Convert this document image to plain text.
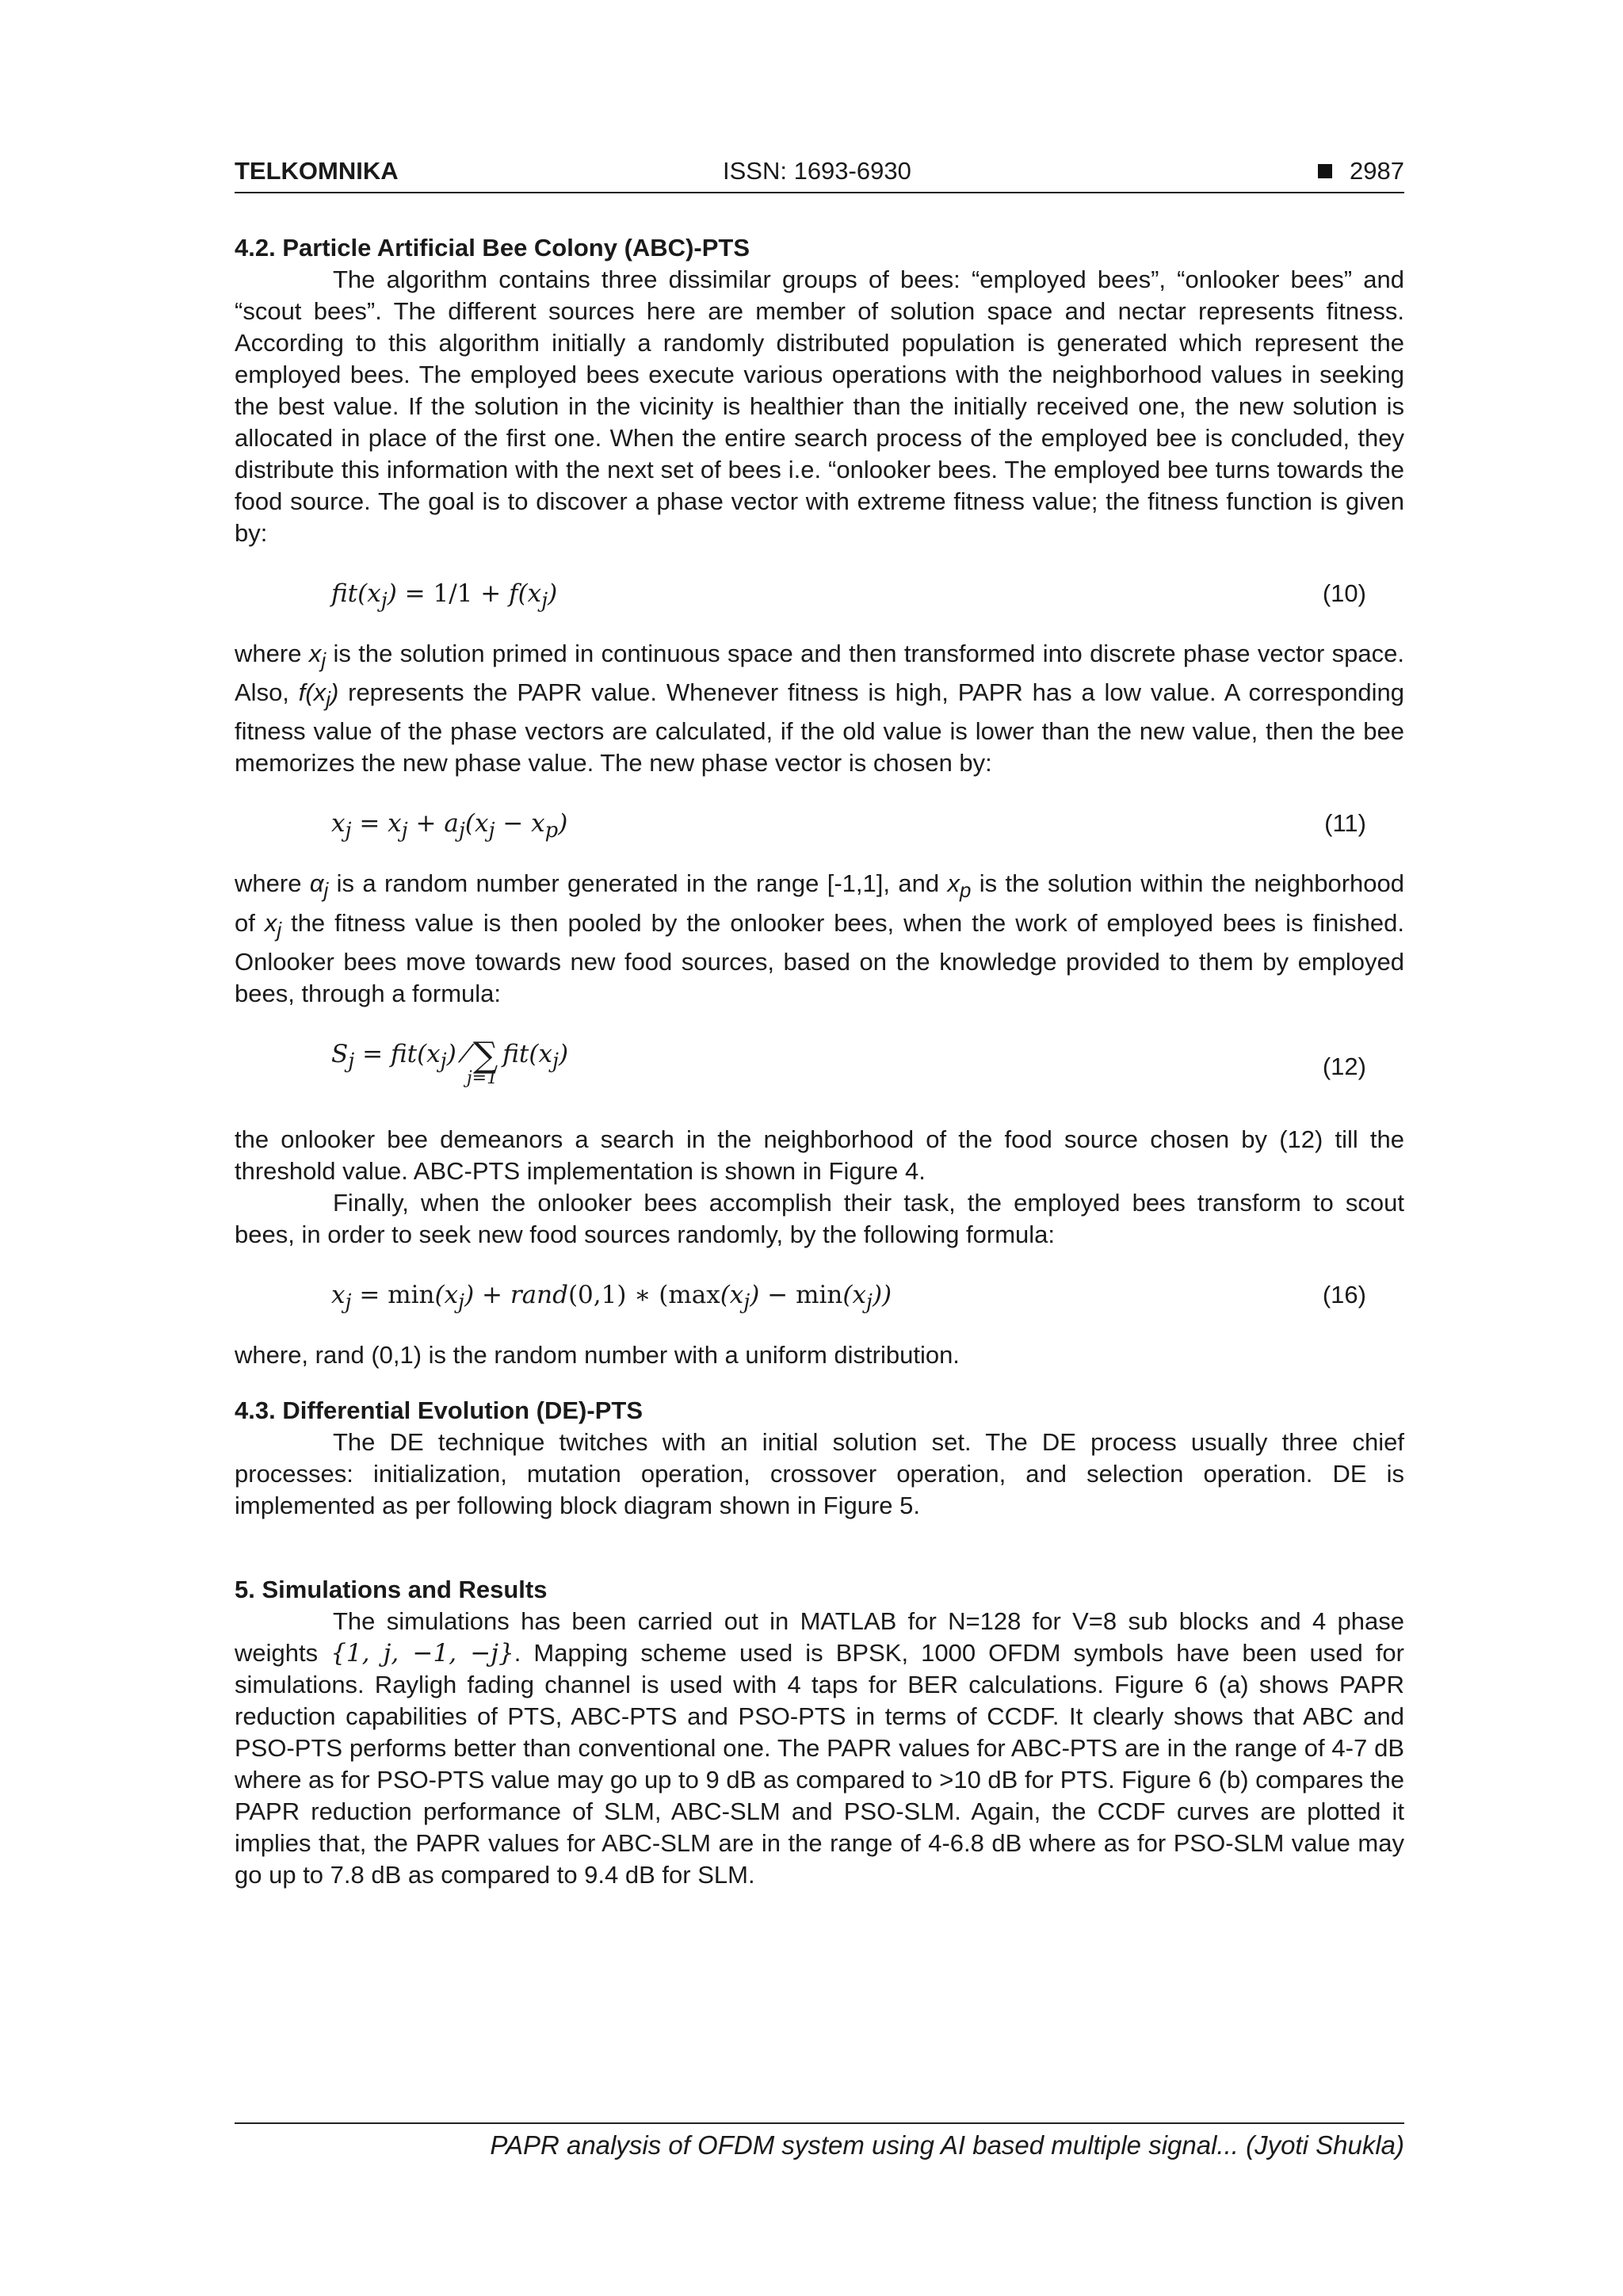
TELKOMNIKA	ISSN: 1693-6930	2987
4.2. Particle Artificial Bee Colony (ABC)-PTS

The algorithm contains three dissimilar groups of bees: “employed bees”, “onlooker bees” and “scout bees”. The different sources here are member of solution space and nectar represents fitness. According to this algorithm initially a randomly distributed population is generated which represent the employed bees. The employed bees execute various operations with the neighborhood values in seeking the best value. If the solution in the vicinity is healthier than the initially received one, the new solution is allocated in place of the first one. When the entire search process of the employed bee is concluded, they distribute this information with the next set of bees i.e. “onlooker bees. The employed bee turns towards the food source. The goal is to discover a phase vector with extreme fitness value; the fitness function is given by:

$fit(x_j) = 1/1 + f(x_j)$	(10)

where $x_j$ is the solution primed in continuous space and then transformed into discrete phase vector space. Also, $f(x_j)$ represents the PAPR value. Whenever fitness is high, PAPR has a low value. A corresponding fitness value of the phase vectors are calculated, if the old value is lower than the new value, then the bee memorizes the new phase value. The new phase vector is chosen by:

$x_j = x_j + a_j(x_j - x_p)$	(11)

where $\alpha_j$ is a random number generated in the range [-1,1], and $x_p$ is the solution within the neighborhood of $x_j$ the fitness value is then pooled by the onlooker bees, when the work of employed bees is finished. Onlooker bees move towards new food sources, based on the knowledge provided to them by employed bees, through a formula:

$S_j = fit(x_j)$ ⁄ ∑
j=1
$fit(x_j)$	(12)

the onlooker bee demeanors a search in the neighborhood of the food source chosen by (12) till the threshold value. ABC-PTS implementation is shown in Figure 4.

Finally, when the onlooker bees accomplish their task, the employed bees transform to scout bees, in order to seek new food sources randomly, by the following formula:

$x_j = \min(x_j)$ + rand(0,1) ∗ $(\max(x_j) - \min(x_j))$	(16)

where, rand (0,1) is the random number with a uniform distribution.

4.3. Differential Evolution (DE)-PTS

The DE technique twitches with an initial solution set. The DE process usually three chief processes: initialization, mutation operation, crossover operation, and selection operation. DE is implemented as per following block diagram shown in Figure 5.

5. Simulations and Results

The simulations has been carried out in MATLAB for N=128 for V=8 sub blocks and 4 phase weights {1, j, −1, −j}. Mapping scheme used is BPSK, 1000 OFDM symbols have been used for simulations. Rayligh fading channel is used with 4 taps for BER calculations. Figure 6 (a) shows PAPR reduction capabilities of PTS, ABC-PTS and PSO-PTS in terms of CCDF. It clearly shows that ABC and PSO-PTS performs better than conventional one. The PAPR values for ABC-PTS are in the range of 4-7 dB where as for PSO-PTS value may go up to 9 dB as compared to >10 dB for PTS. Figure 6 (b) compares the PAPR reduction performance of SLM, ABC-SLM and PSO-SLM. Again, the CCDF curves are plotted it implies that, the PAPR values for ABC-SLM are in the range of 4-6.8 dB where as for PSO-SLM value may go up to 7.8 dB as compared to 9.4 dB for SLM.

PAPR analysis of OFDM system using AI based multiple signal... (Jyoti Shukla)
